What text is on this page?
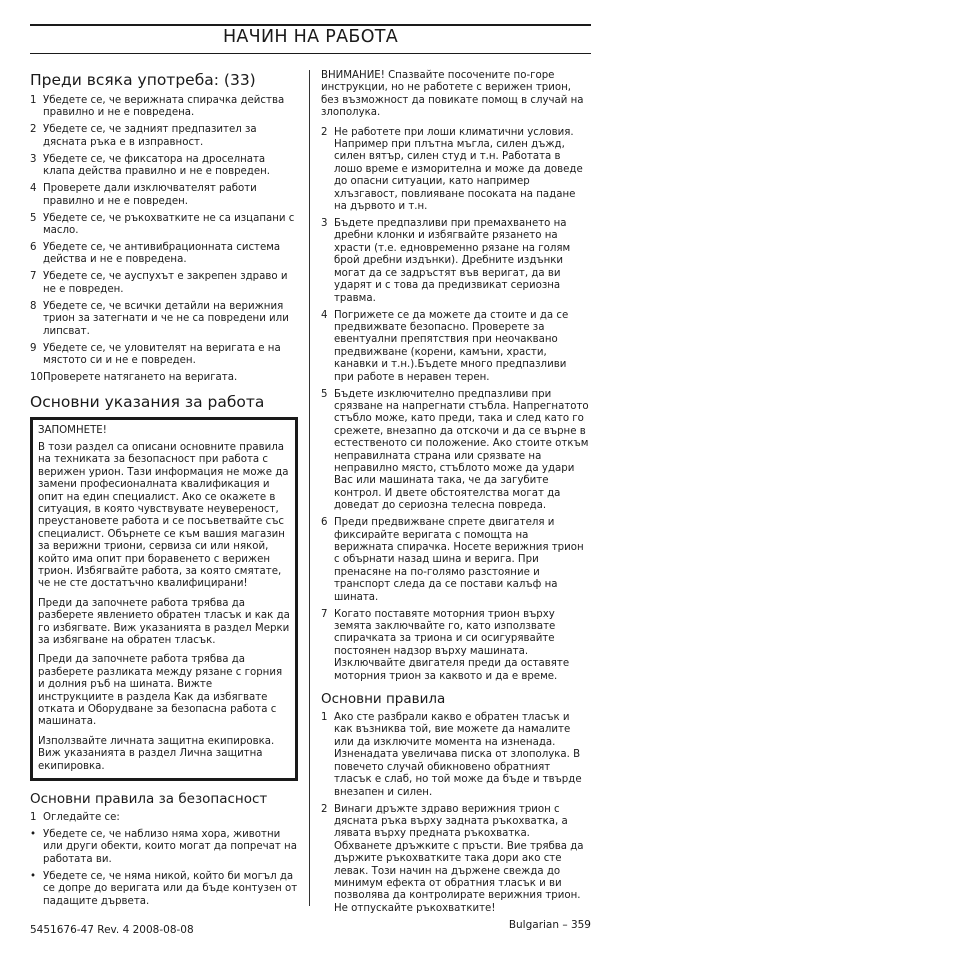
НАЧИН НА РАБОТА
Преди всяка употреба: (33)
1 Убедете се, че верижната спирачка действа правилно и не е повредена.
2 Убедете се, че задният предпазител за дясната ръка е в изправност.
3 Убедете се, че фиксатора на дроселната клапа действа правилно и не е повреден.
4 Проверете дали изключвателят работи правилно и не е повреден.
5 Убедете се, че ръкохватките не са изцапани с масло.
6 Убедете се, че антивибрационната система действа и не е повредена.
7 Убедете се, че ауспухът е закрепен здраво и не е повреден.
8 Убедете се, че всички детайли на верижния трион за затегнати и че не са повредени или липсват.
9 Убедете се, че уловителят на веригата е на мястото си и не е повреден.
10 Проверете натягането на веригата.
Основни указания за работа

ЗАПОМНЕТЕ!

В този раздел са описани основните правила на техниката за безопасност при работа с верижен урион. Тази информация не може да замени професионалната квалификация и опит на един специалист. Ако се окажете в ситуация, в която чувствувате неувереност, преустановете работа и се посъветвайте със специалист. Обърнете се към вашия магазин за верижни триони, сервиза си или някой, който има опит при боравенето с верижен трион. Избягвайте работа, за която смятате, че не сте достатъчно квалифицирани!

Преди да започнете работа трябва да разберете явлението обратен тласък и как да го избягвате. Виж указанията в раздел Мерки за избягване на обратен тласък.

Преди да започнете работа трябва да разберете разликата между рязане с горния и долния ръб на шината. Вижте инструкциите в раздела Как да избягвате отката и Оборудване за безопасна работа с машината.

Използвайте личната защитна екипировка. Виж указанията в раздел Лична защитна екипировка.

Основни правила за безопасност
1 Огледайте се:
• Убедете се, че наблизо няма хора, животни или други обекти, които могат да попречат на работата ви.
• Убедете се, че няма никой, който би могъл да се допре до веригата или да бъде контузен от падащите дървета.

ВНИМАНИЕ! Спазвайте посочените по-горе инструкции, но не работете с верижен трион, без възможност да повикате помощ в случай на злополука.

2 Не работете при лоши климатични условия. Например при плътна мъгла, силен дъжд, силен вятър, силен студ и т.н. Работата в лошо време е изморителна и може да доведе до опасни ситуации, като например хлъзгавост, повлияване посоката на падане на дървото и т.н.
3 Бъдете предпазливи при премахването на дребни клонки и избягвайте рязането на храсти (т.е. едновременно рязане на голям брой дребни издънки). Дребните издънки могат да се задръстят във веригат, да ви ударят и с това да предизвикат сериозна травма.
4 Погрижете се да можете да стоите и да се предвижвате безопасно. Проверете за евентуални препятствия при неочаквано предвижване (корени, камъни, храсти, канавки и т.н.).Бъдете много предпазливи при работе в неравен терен.
5 Бъдете изключително предпазливи при срязване на напрегнати стъбла. Напрегнатото стъбло може, като преди, така и след като го срежете, внезапно да отскочи и да се върне в естественото си положение. Ако стоите откъм неправилната страна или срязвате на неправилно място, стъблото може да удари Вас или машината така, че да загубите контрол. И двете обстоятелства могат да доведат до сериозна телесна повреда.
6 Преди предвижване спрете двигателя и фиксирайте веригата с помощта на верижната спирачка. Носете верижния трион с обърнати назад шина и верига. При пренасяне на по-голямо разстояние и транспорт следа да се постави калъф на шината.
7 Когато поставяте моторния трион върху земята заключвайте го, като използвате спирачката за триона и си осигурявайте постоянен надзор върху машината. Изключвайте двигателя преди да оставяте моторния трион за каквото и да е време.
Основни правила
1 Ако сте разбрали какво е обратен тласък и как възниква той, вие можете да намалите или да изключите момента на изненада. Изненадата увеличава писка от злополука. В повечето случай обикновено обратният тласък е слаб, но той може да бъде и твърде внезапен и силен.
2 Винаги дръжте здраво верижния трион с дясната ръка върху задната ръкохватка, а лявата върху предната ръкохватка. Обхванете дръжките с пръсти. Вие трябва да държите ръкохватките така дори ако сте левак. Този начин на държене свежда до минимум ефекта от обратния тласък и ви позволява да контролирате верижния трион. Не отпускайте ръкохватките!
5451676-47 Rev. 4 2008-08-08	Bulgarian – 359
